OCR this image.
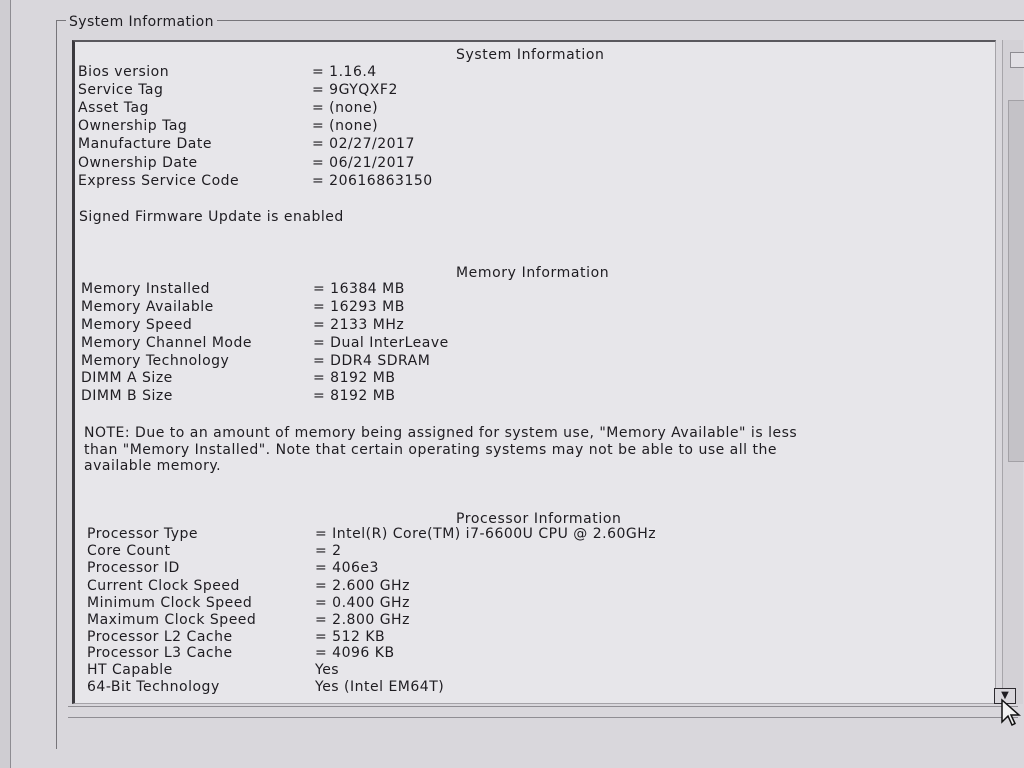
System Information
▼
System Information
Bios version	= 1.16.4
Service Tag	= 9GYQXF2
Asset Tag	= (none)
Ownership Tag	= (none)
Manufacture Date	= 02/27/2017
Ownership Date	= 06/21/2017
Express Service Code	= 20616863150
Signed Firmware Update is enabled
Memory Information
Memory Installed	= 16384 MB
Memory Available	= 16293 MB
Memory Speed	= 2133 MHz
Memory Channel Mode	= Dual InterLeave
Memory Technology	= DDR4 SDRAM
DIMM A Size	= 8192 MB
DIMM B Size	= 8192 MB
NOTE: Due to an amount of memory being assigned for system use, "Memory Available" is less
than "Memory Installed". Note that certain operating systems may not be able to use all the
available memory.
Processor Information
Processor Type	= Intel(R) Core(TM) i7-6600U CPU @ 2.60GHz
Core Count	= 2
Processor ID	= 406e3
Current Clock Speed	= 2.600 GHz
Minimum Clock Speed	= 0.400 GHz
Maximum Clock Speed	= 2.800 GHz
Processor L2 Cache	= 512 KB
Processor L3 Cache	= 4096 KB
HT Capable	Yes
64-Bit Technology	Yes (Intel EM64T)
